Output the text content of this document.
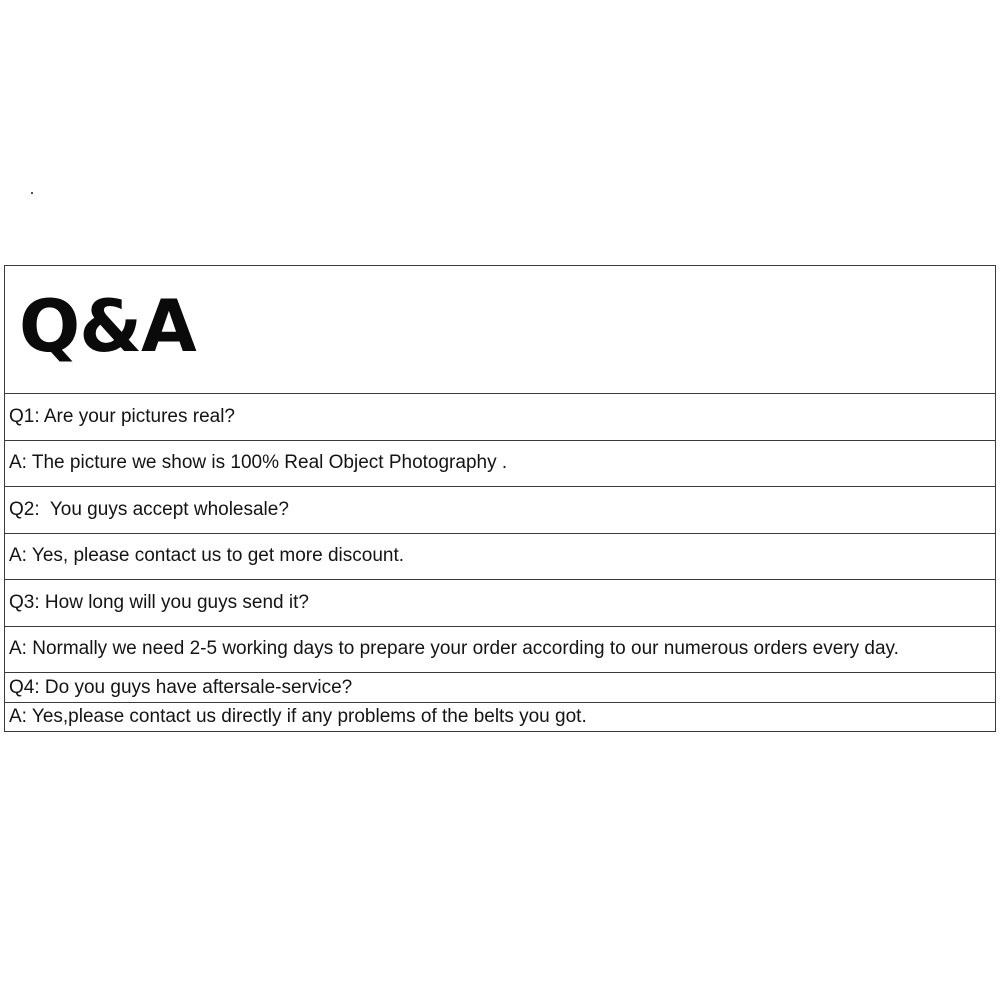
Q&A
Q1: Are your pictures real?
A: The picture we show is 100% Real Object Photography .
Q2:  You guys accept wholesale?
A: Yes, please contact us to get more discount.
Q3: How long will you guys send it?
A: Normally we need 2-5 working days to prepare your order according to our numerous orders every day.
Q4: Do you guys have aftersale-service?
A: Yes,please contact us directly if any problems of the belts you got.
